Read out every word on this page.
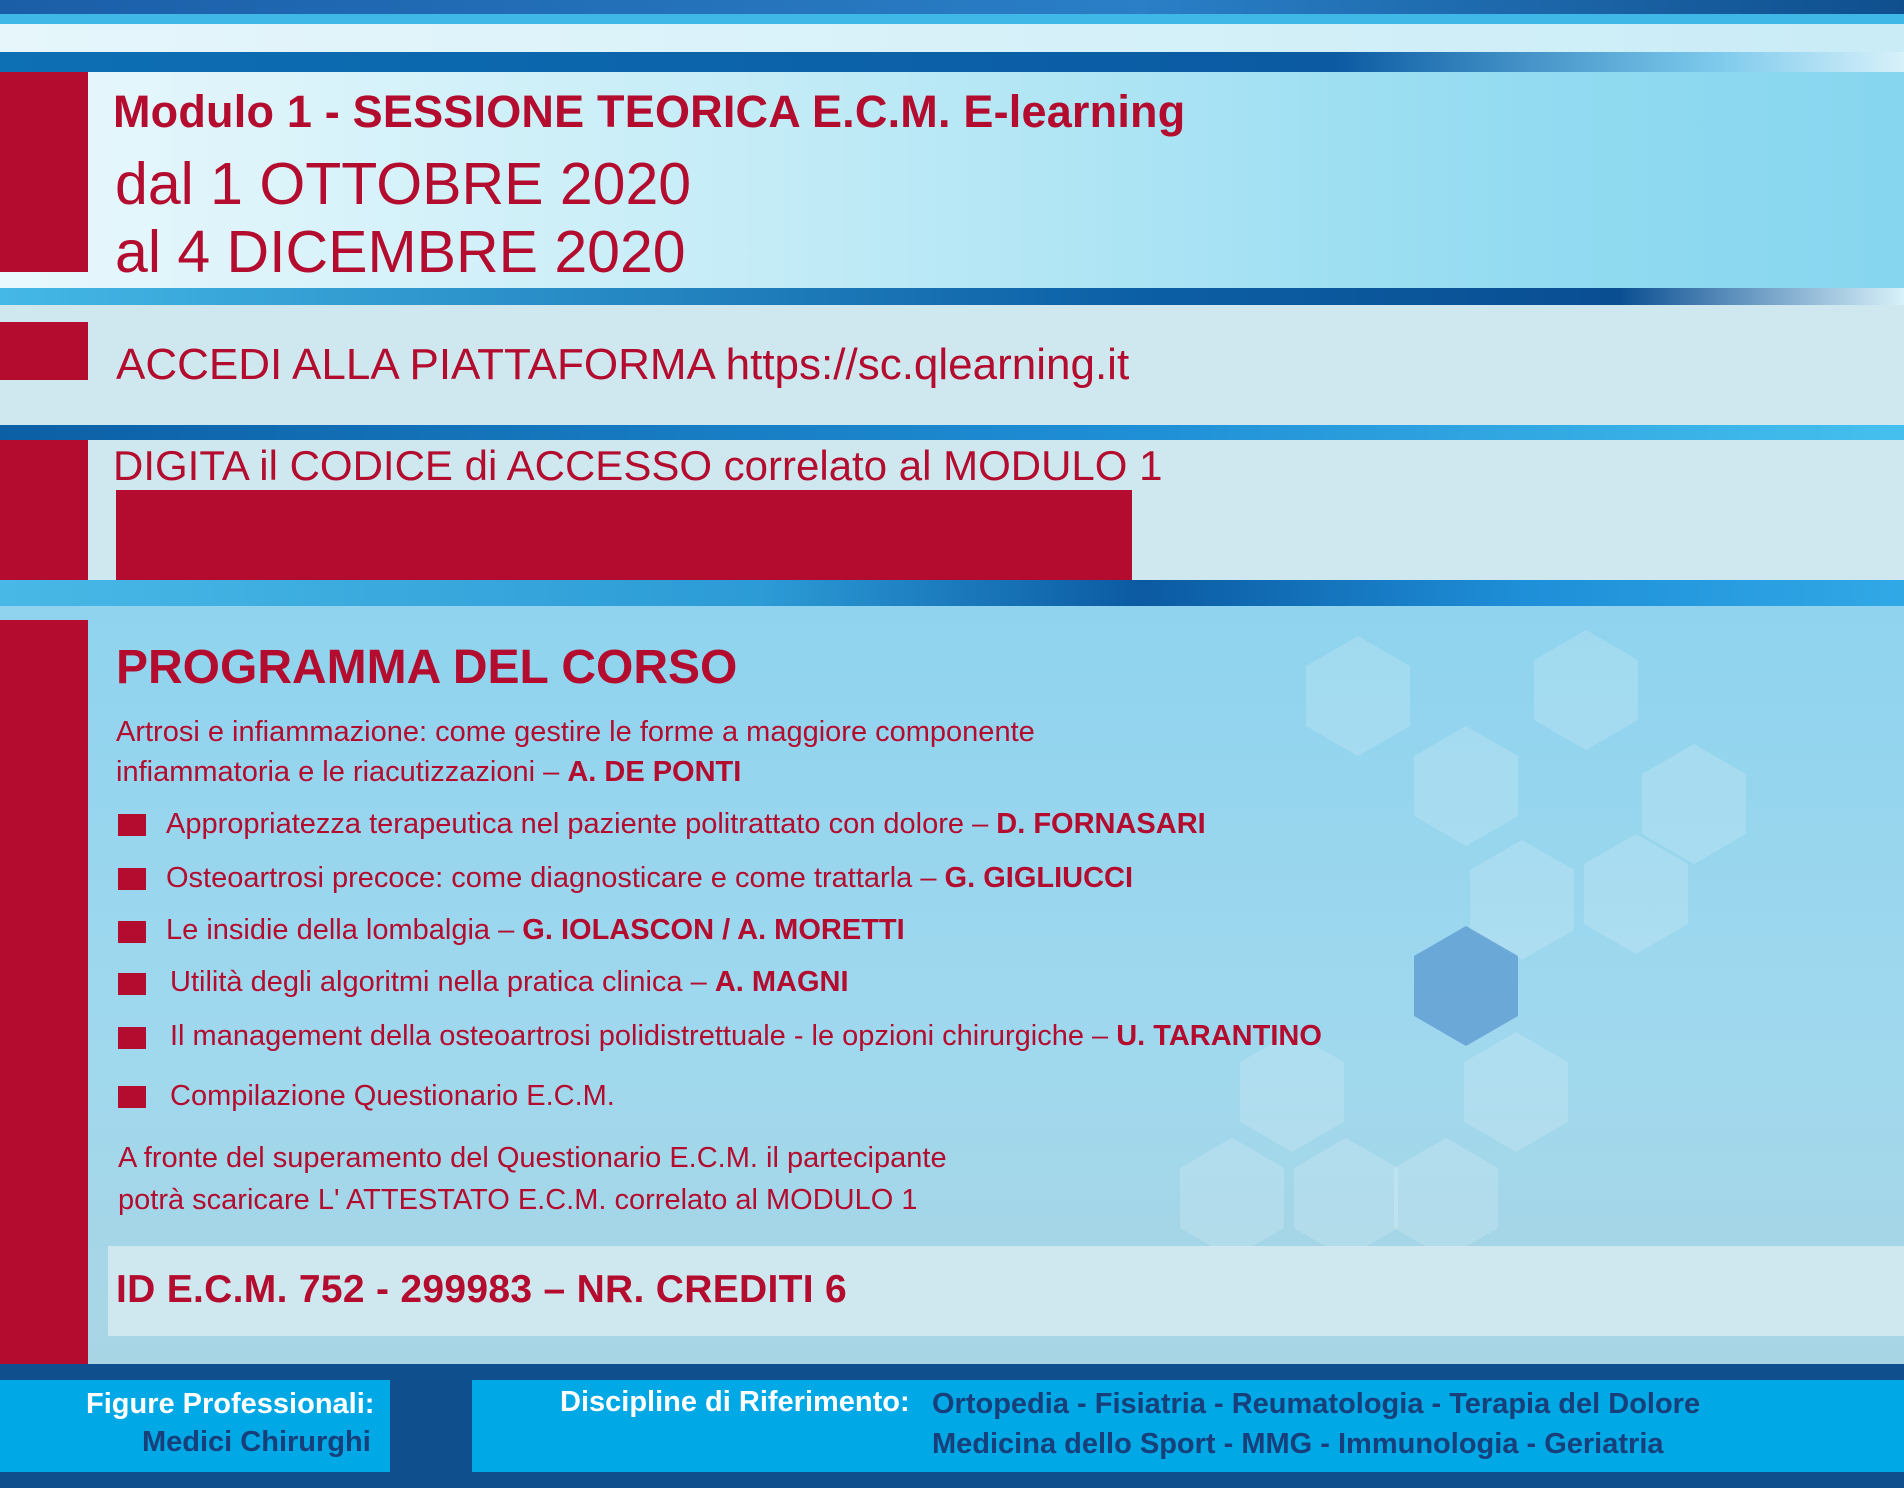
Modulo 1 - SESSIONE TEORICA E.C.M. E-learning
dal 1 OTTOBRE 2020
al 4 DICEMBRE 2020
ACCEDI ALLA PIATTAFORMA https://sc.qlearning.it
DIGITA il CODICE di ACCESSO correlato al MODULO 1
PROGRAMMA DEL CORSO
Artrosi e infiammazione: come gestire le forme a maggiore componente
infiammatoria e le riacutizzazioni – A. DE PONTI
Appropriatezza terapeutica nel paziente politrattato con dolore – D. FORNASARI
Osteoartrosi precoce: come diagnosticare e come trattarla – G. GIGLIUCCI
Le insidie della lombalgia – G. IOLASCON / A. MORETTI
Utilità degli algoritmi nella pratica clinica – A. MAGNI
Il management della osteoartrosi polidistrettuale - le opzioni chirurgiche – U. TARANTINO
Compilazione Questionario E.C.M.
A fronte del superamento del Questionario E.C.M. il partecipante
potrà scaricare L' ATTESTATO E.C.M. correlato al MODULO 1
ID E.C.M. 752 - 299983 – NR. CREDITI 6
Figure Professionali:
Medici Chirurghi
Discipline di Riferimento: Ortopedia - Fisiatria - Reumatologia - Terapia del Dolore
Medicina dello Sport - MMG - Immunologia - Geriatria
